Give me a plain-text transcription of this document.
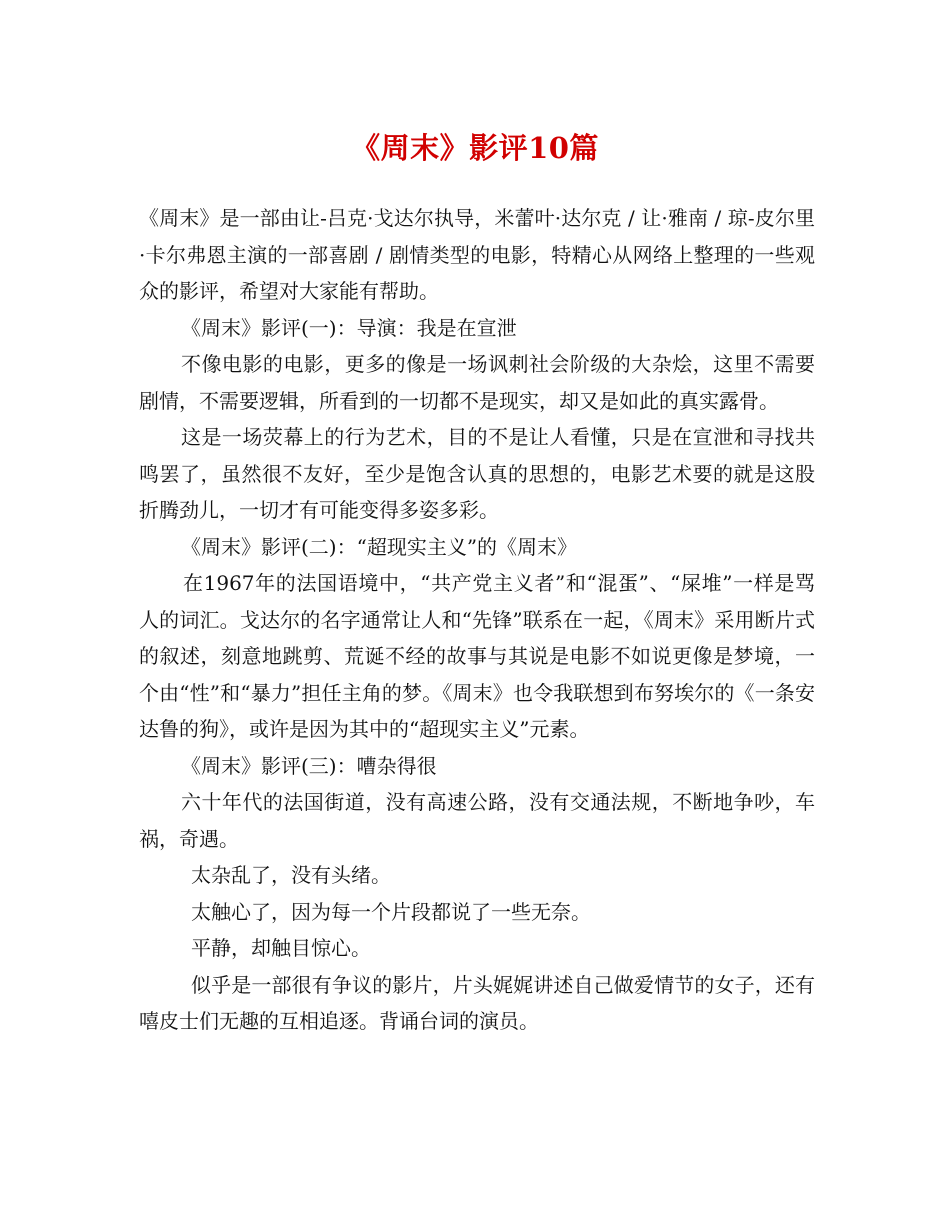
《周末》影评10篇

《周末》是一部由让-吕克·戈达尔执导，米蕾叶·达尔克 / 让·雅南 / 琼-皮尔里·卡尔弗恩主演的一部喜剧 / 剧情类型的电影，特精心从网络上整理的一些观众的影评，希望对大家能有帮助。

《周末》影评(一)：导演：我是在宣泄

不像电影的电影，更多的像是一场讽刺社会阶级的大杂烩，这里不需要剧情，不需要逻辑，所看到的一切都不是现实，却又是如此的真实露骨。

这是一场荧幕上的行为艺术，目的不是让人看懂，只是在宣泄和寻找共鸣罢了，虽然很不友好，至少是饱含认真的思想的，电影艺术要的就是这股折腾劲儿，一切才有可能变得多姿多彩。

《周末》影评(二)：“超现实主义”的《周末》

在1967年的法国语境中，“共产党主义者”和“混蛋”、“屎堆”一样是骂人的词汇。戈达尔的名字通常让人和“先锋”联系在一起，《周末》采用断片式的叙述，刻意地跳剪、荒诞不经的故事与其说是电影不如说更像是梦境，一个由“性”和“暴力”担任主角的梦。《周末》也令我联想到布努埃尔的《一条安达鲁的狗》，或许是因为其中的“超现实主义”元素。

《周末》影评(三)：嘈杂得很

六十年代的法国街道，没有高速公路，没有交通法规，不断地争吵，车祸，奇遇。

太杂乱了，没有头绪。

太触心了，因为每一个片段都说了一些无奈。

平静，却触目惊心。

似乎是一部很有争议的影片，片头娓娓讲述自己做爱情节的女子，还有嘻皮士们无趣的互相追逐。背诵台词的演员。
